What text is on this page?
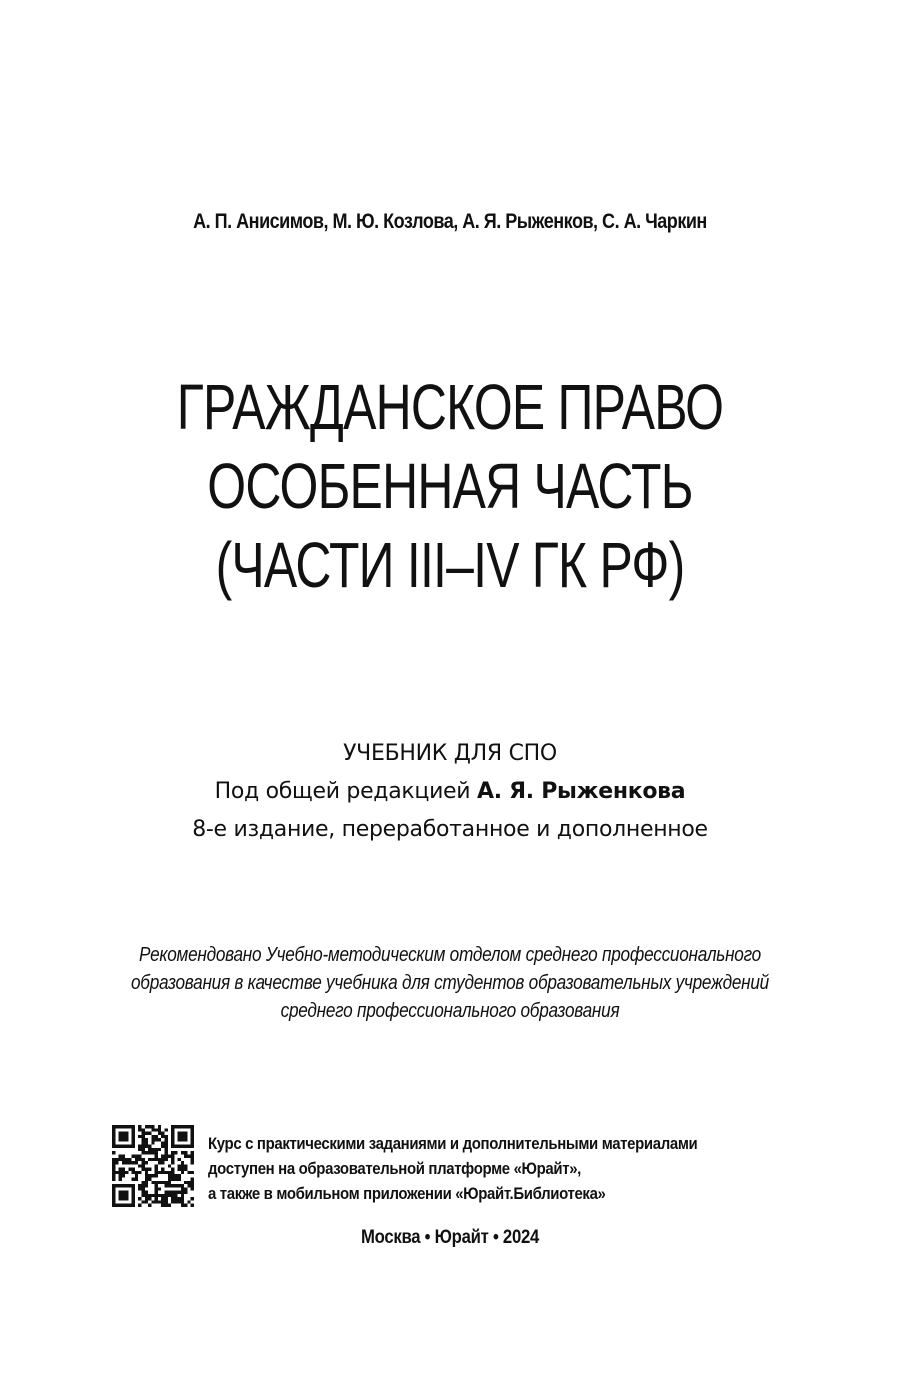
А. П. Анисимов, М. Ю. Козлова, А. Я. Рыженков, С. А. Чаркин
ГРАЖДАНСКОЕ ПРАВО
ОСОБЕННАЯ ЧАСТЬ
(ЧАСТИ III–IV ГК РФ)
УЧЕБНИК ДЛЯ СПО
Под общей редакцией А. Я. Рыженкова
8-е издание, переработанное и дополненное
Рекомендовано Учебно-методическим отделом среднего профессионального
образования в качестве учебника для студентов образовательных учреждений
среднего профессионального образования
Курс с практическими заданиями и дополнительными материалами
доступен на образовательной платформе «Юрайт»,
а также в мобильном приложении «Юрайт.Библиотека»
Москва • Юрайт • 2024
